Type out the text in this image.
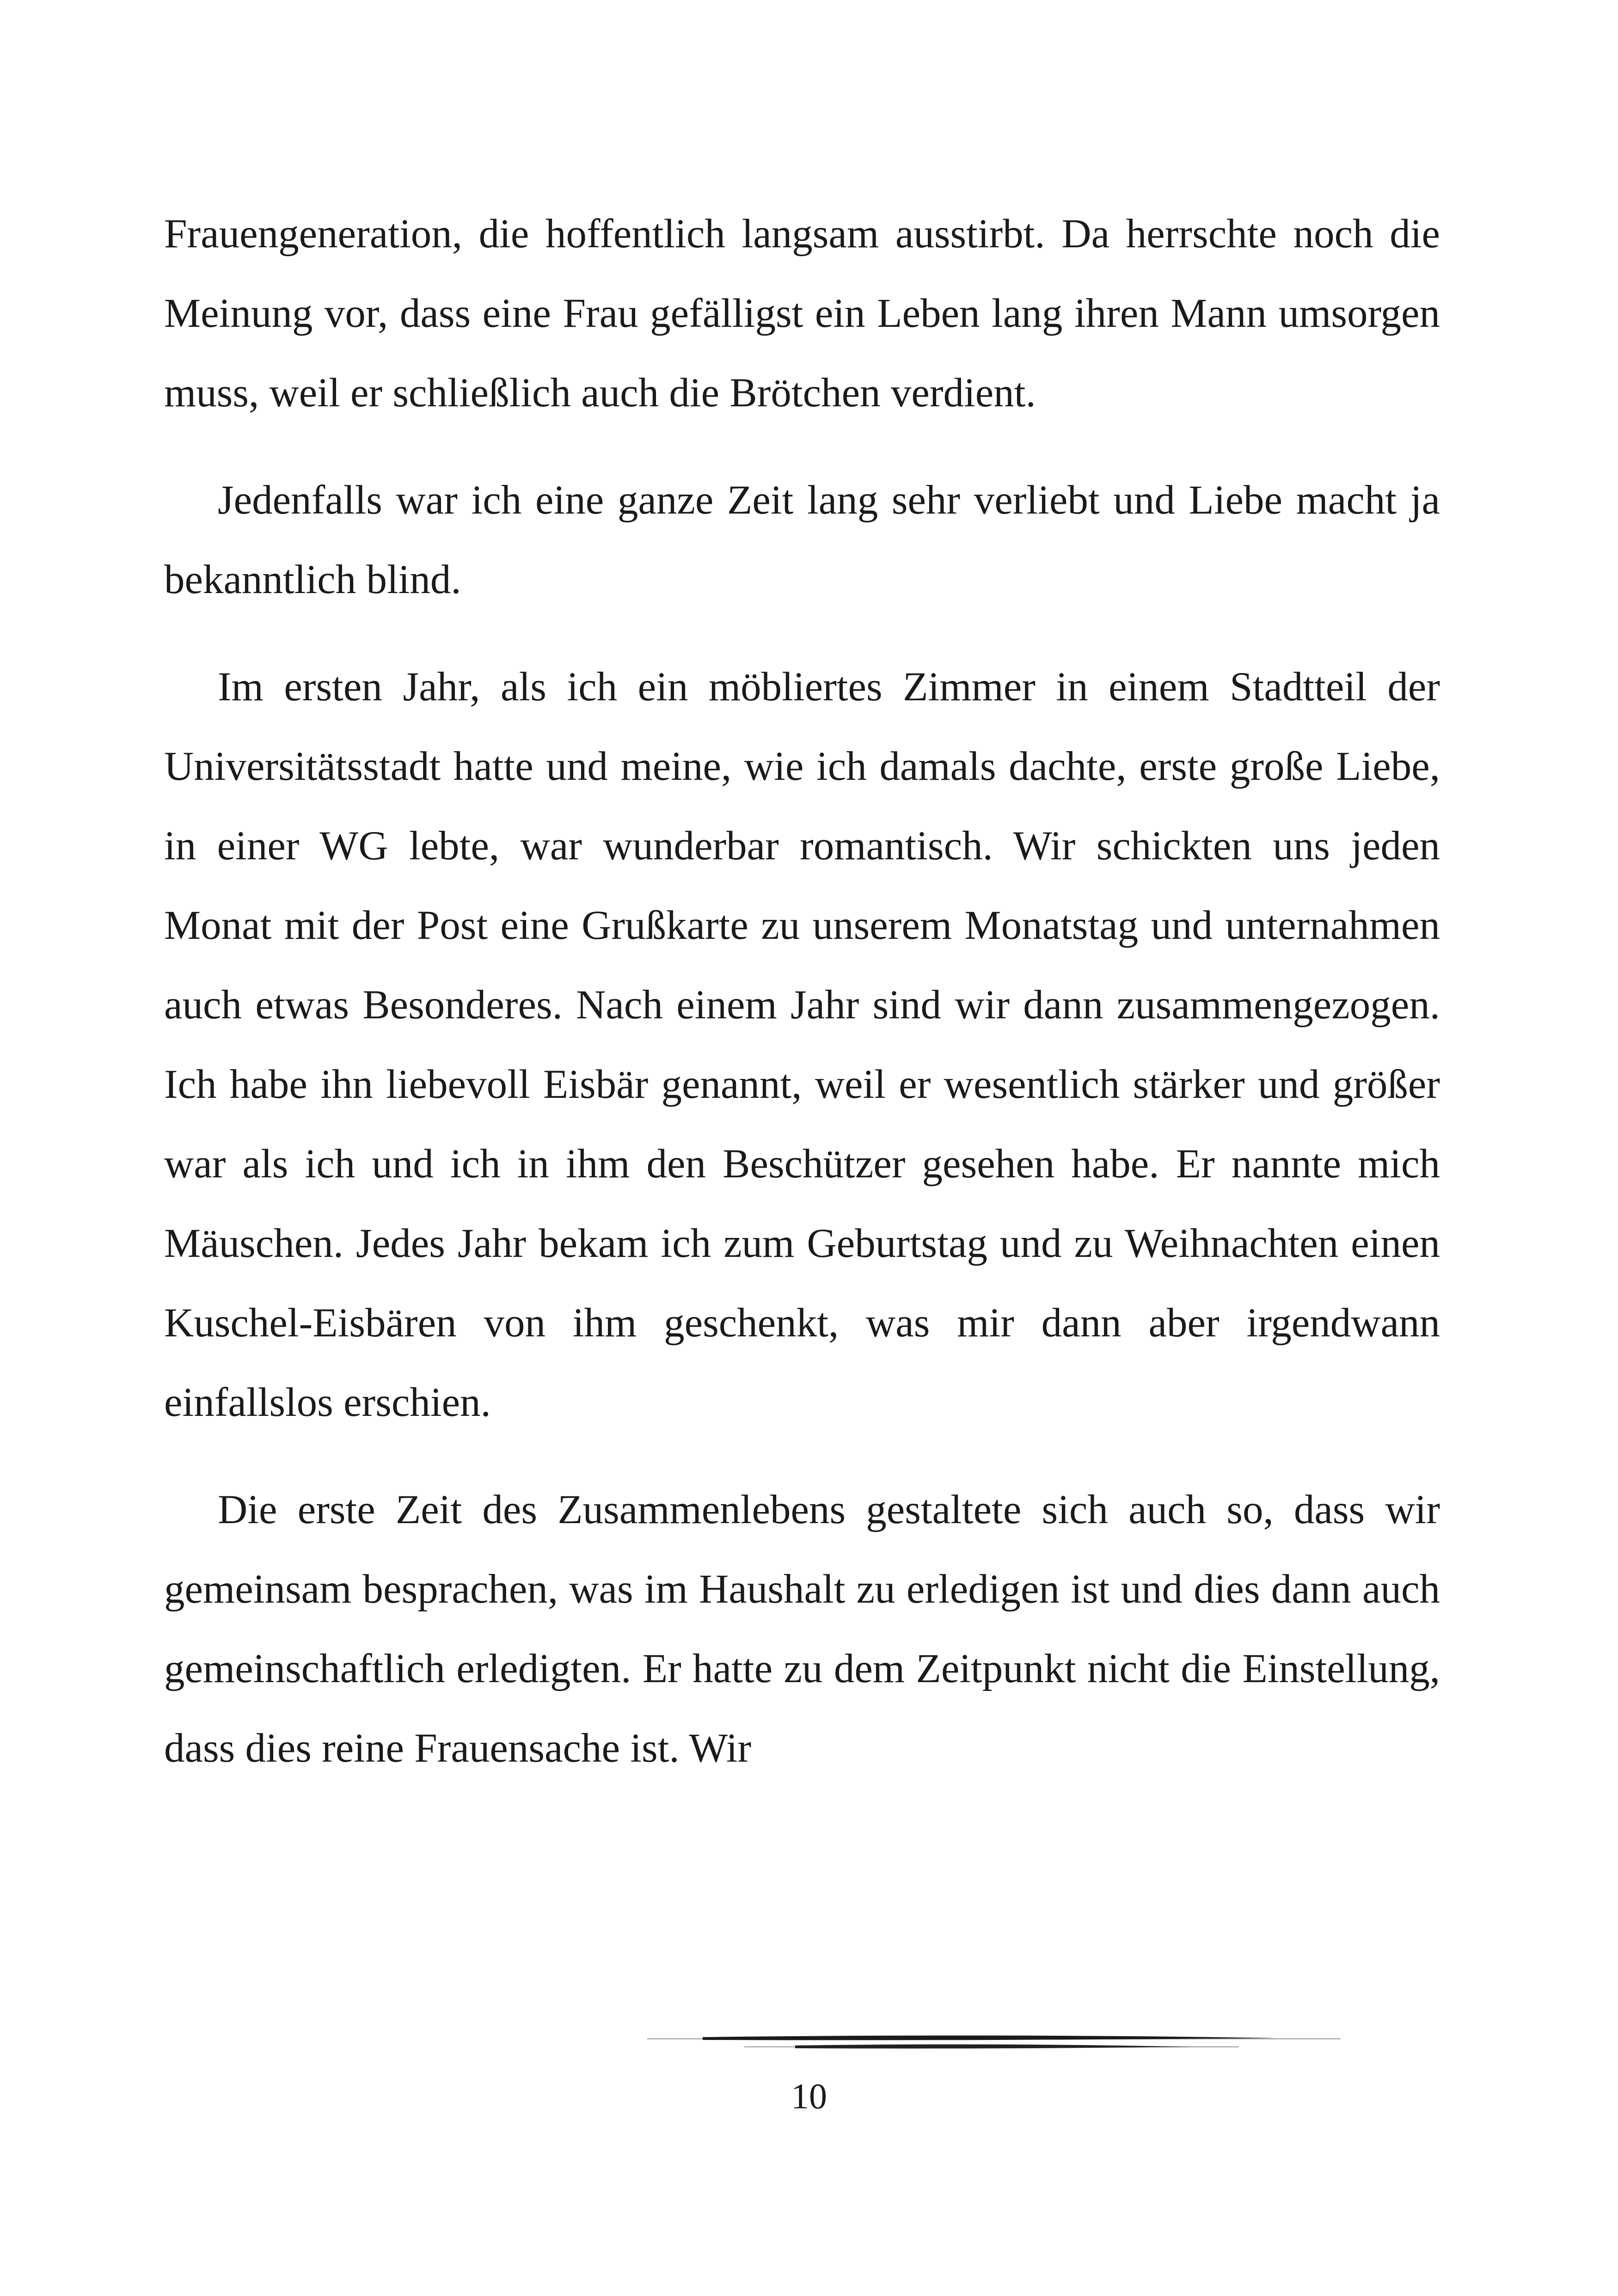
Frauengeneration, die hoffentlich langsam ausstirbt. Da herrschte noch die Meinung vor, dass eine Frau gefälligst ein Leben lang ihren Mann umsorgen muss, weil er schließlich auch die Brötchen verdient.

Jedenfalls war ich eine ganze Zeit lang sehr verliebt und Liebe macht ja bekanntlich blind.

Im ersten Jahr, als ich ein möbliertes Zimmer in einem Stadtteil der Universitätsstadt hatte und meine, wie ich damals dachte, erste große Liebe, in einer WG lebte, war wunderbar romantisch. Wir schickten uns jeden Monat mit der Post eine Grußkarte zu unserem Monatstag und unternahmen auch etwas Besonderes. Nach einem Jahr sind wir dann zusammengezogen. Ich habe ihn liebevoll Eisbär genannt, weil er wesentlich stärker und größer war als ich und ich in ihm den Beschützer gesehen habe. Er nannte mich Mäuschen. Jedes Jahr bekam ich zum Geburtstag und zu Weihnachten einen Kuschel-Eisbären von ihm geschenkt, was mir dann aber irgendwann einfallslos erschien.

Die erste Zeit des Zusammenlebens gestaltete sich auch so, dass wir gemeinsam besprachen, was im Haushalt zu erledigen ist und dies dann auch gemeinschaftlich erledigten. Er hatte zu dem Zeitpunkt nicht die Einstellung, dass dies reine Frauensache ist. Wir

10
